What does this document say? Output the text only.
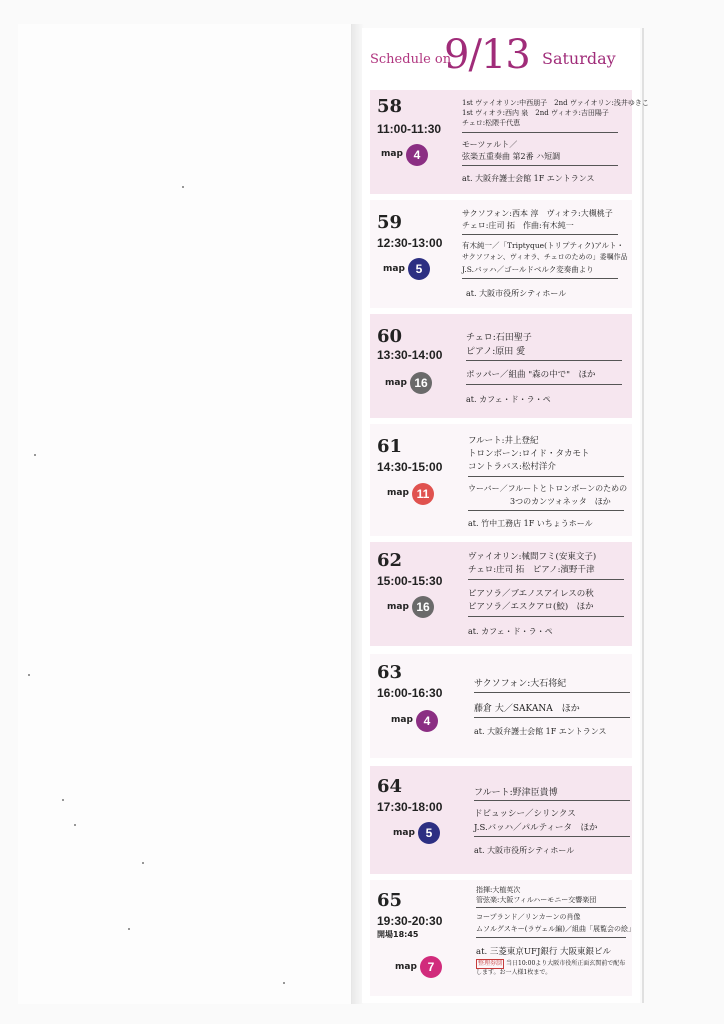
Schedule on
9/13 Saturday
58
11:00-11:30
map 4
1st ヴァイオリン:中西朋子　2nd ヴァイオリン:浅井ゆきこ
1st ヴィオラ:西内 泉　2nd ヴィオラ:吉田陽子
チェロ:松隈千代恵
モーツァルト／
弦楽五重奏曲 第2番 ハ短調
at. 大阪弁護士会館 1F エントランス
59
12:30-13:00
map 5
サクソフォン:西本 淳　ヴィオラ:大槻桃子
チェロ:庄司 拓　作曲:有木純一
有木純一／「Triptyque(トリプティク)アルト・
サクソフォン、ヴィオラ、チェロのための」委嘱作品
J.S.バッハ／ゴールドベルク変奏曲より
at. 大阪市役所シティホール
60
13:30-14:00
map 16
チェロ:石田聖子
ピアノ:原田 愛
ポッパー／組曲 "森の中で"　ほか
at. カフェ・ド・ラ・ペ
61
14:30-15:00
map 11
フルート:井上登紀
トロンボーン:ロイド・タカモト
コントラバス:松村洋介
ウーバー／フルートとトロンボーンのための
3つのカンツォネッタ　ほか
at. 竹中工務店 1F いちょうホール
62
15:00-15:30
map 16
ヴァイオリン:械間フミ(安東文子)
チェロ:庄司 拓　ピアノ:濱野千津
ピアソラ／ブエノスアイレスの秋
ピアソラ／エスクアロ(鮫)　ほか
at. カフェ・ド・ラ・ペ
63
16:00-16:30
map 4
サクソフォン:大石将紀
藤倉 大／SAKANA　ほか
at. 大阪弁護士会館 1F エントランス
64
17:30-18:00
map 5
フルート:野津臣貴博
ドビュッシー／シリンクス
J.S.バッハ／パルティータ　ほか
at. 大阪市役所シティホール
65
19:30-20:30
開場18:45
map 7
指揮:大植英次
管弦楽:大阪フィルハーモニー交響楽団
コープランド／リンカーンの肖像
ムソルグスキー(ラヴェル編)／組曲「展覧会の絵」
at. 三菱東京UFJ銀行 大阪東銀ビル
整理券制 当日10:00より大阪市役所正面玄関前で配布
します。お一人様1枚まで。
